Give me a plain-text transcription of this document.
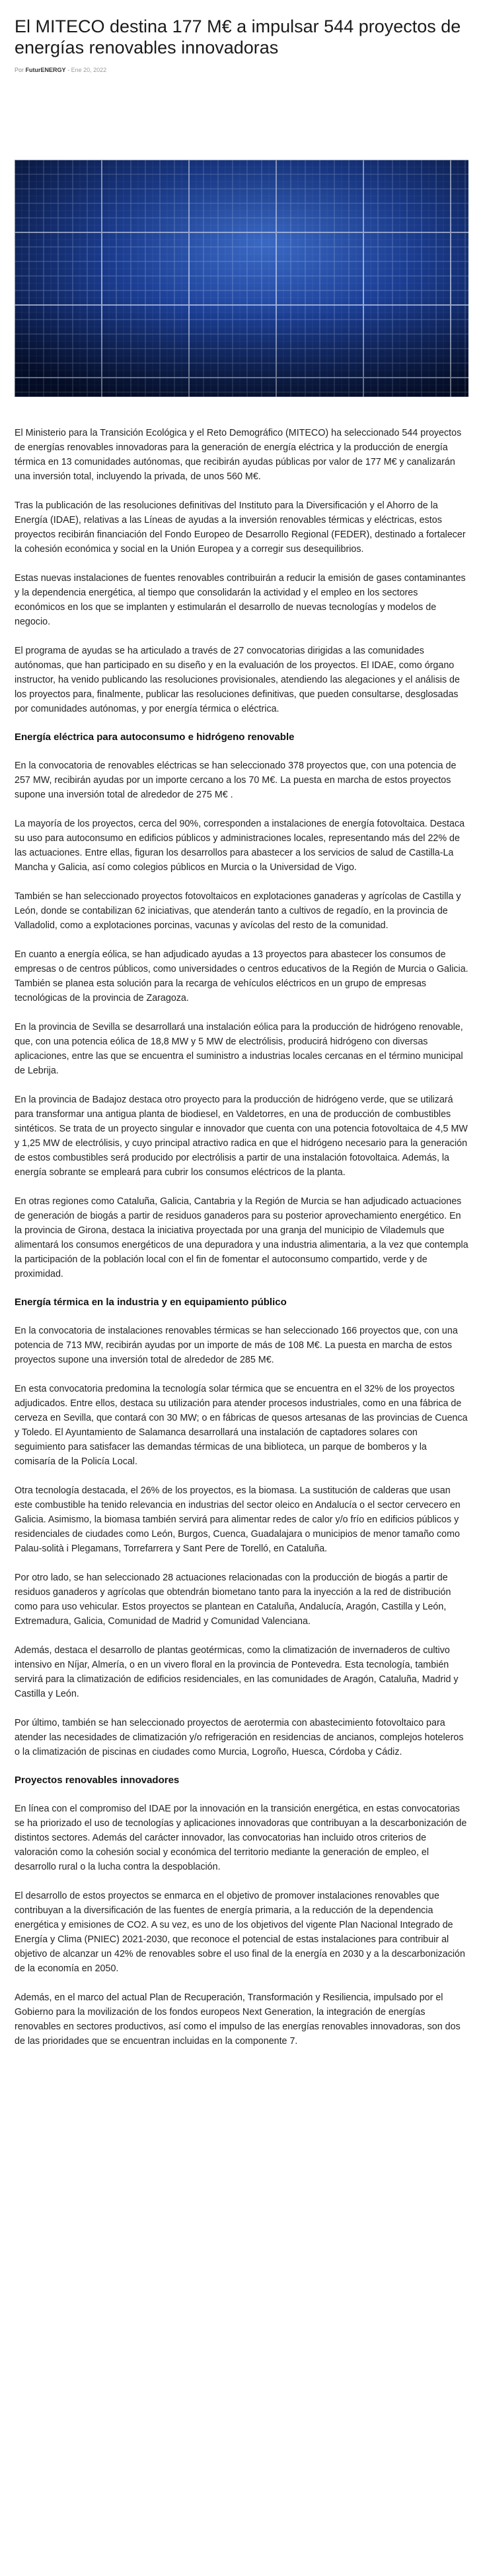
El MITECO destina 177 M€ a impulsar 544 proyectos de energías renovables innovadoras
Por FuturENERGY - Ene 20, 2022

El Ministerio para la Transición Ecológica y el Reto Demográfico (MITECO) ha seleccionado 544 proyectos de energías renovables innovadoras para la generación de energía eléctrica y la producción de energía térmica en 13 comunidades autónomas, que recibirán ayudas públicas por valor de 177 M€ y canalizarán una inversión total, incluyendo la privada, de unos 560 M€.

Tras la publicación de las resoluciones definitivas del Instituto para la Diversificación y el Ahorro de la Energía (IDAE), relativas a las Líneas de ayudas a la inversión renovables térmicas y eléctricas, estos proyectos recibirán financiación del Fondo Europeo de Desarrollo Regional (FEDER), destinado a fortalecer la cohesión económica y social en la Unión Europea y a corregir sus desequilibrios.

Estas nuevas instalaciones de fuentes renovables contribuirán a reducir la emisión de gases contaminantes y la dependencia energética, al tiempo que consolidarán la actividad y el empleo en los sectores económicos en los que se implanten y estimularán el desarrollo de nuevas tecnologías y modelos de negocio.

El programa de ayudas se ha articulado a través de 27 convocatorias dirigidas a las comunidades autónomas, que han participado en su diseño y en la evaluación de los proyectos. El IDAE, como órgano instructor, ha venido publicando las resoluciones provisionales, atendiendo las alegaciones y el análisis de los proyectos para, finalmente, publicar las resoluciones definitivas, que pueden consultarse, desglosadas por comunidades autónomas, y por energía térmica o eléctrica.

Energía eléctrica para autoconsumo e hidrógeno renovable

En la convocatoria de renovables eléctricas se han seleccionado 378 proyectos que, con una potencia de 257 MW, recibirán ayudas por un importe cercano a los 70 M€. La puesta en marcha de estos proyectos supone una inversión total de alrededor de 275 M€ .

La mayoría de los proyectos, cerca del 90%, corresponden a instalaciones de energía fotovoltaica. Destaca su uso para autoconsumo en edificios públicos y administraciones locales, representando más del 22% de las actuaciones. Entre ellas, figuran los desarrollos para abastecer a los servicios de salud de Castilla-La Mancha y Galicia, así como colegios públicos en Murcia o la Universidad de Vigo.

También se han seleccionado proyectos fotovoltaicos en explotaciones ganaderas y agrícolas de Castilla y León, donde se contabilizan 62 iniciativas, que atenderán tanto a cultivos de regadío, en la provincia de Valladolid, como a explotaciones porcinas, vacunas y avícolas del resto de la comunidad.

En cuanto a energía eólica, se han adjudicado ayudas a 13 proyectos para abastecer los consumos de empresas o de centros públicos, como universidades o centros educativos de la Región de Murcia o Galicia. También se planea esta solución para la recarga de vehículos eléctricos en un grupo de empresas tecnológicas de la provincia de Zaragoza.

En la provincia de Sevilla se desarrollará una instalación eólica para la producción de hidrógeno renovable, que, con una potencia eólica de 18,8 MW y 5 MW de electrólisis, producirá hidrógeno con diversas aplicaciones, entre las que se encuentra el suministro a industrias locales cercanas en el término municipal de Lebrija.

En la provincia de Badajoz destaca otro proyecto para la producción de hidrógeno verde, que se utilizará para transformar una antigua planta de biodiesel, en Valdetorres, en una de producción de combustibles sintéticos. Se trata de un proyecto singular e innovador que cuenta con una potencia fotovoltaica de 4,5 MW y 1,25 MW de electrólisis, y cuyo principal atractivo radica en que el hidrógeno necesario para la generación de estos combustibles será producido por electrólisis a partir de una instalación fotovoltaica. Además, la energía sobrante se empleará para cubrir los consumos eléctricos de la planta.

En otras regiones como Cataluña, Galicia, Cantabria y la Región de Murcia se han adjudicado actuaciones de generación de biogás a partir de residuos ganaderos para su posterior aprovechamiento energético. En la provincia de Girona, destaca la iniciativa proyectada por una granja del municipio de Vilademuls que alimentará los consumos energéticos de una depuradora y una industria alimentaria, a la vez que contempla la participación de la población local con el fin de fomentar el autoconsumo compartido, verde y de proximidad.

Energía térmica en la industria y en equipamiento público

En la convocatoria de instalaciones renovables térmicas se han seleccionado 166 proyectos que, con una potencia de 713 MW, recibirán ayudas por un importe de más de 108 M€. La puesta en marcha de estos proyectos supone una inversión total de alrededor de 285 M€.

En esta convocatoria predomina la tecnología solar térmica que se encuentra en el 32% de los proyectos adjudicados. Entre ellos, destaca su utilización para atender procesos industriales, como en una fábrica de cerveza en Sevilla, que contará con 30 MW; o en fábricas de quesos artesanas de las provincias de Cuenca y Toledo. El Ayuntamiento de Salamanca desarrollará una instalación de captadores solares con seguimiento para satisfacer las demandas térmicas de una biblioteca, un parque de bomberos y la comisaría de la Policía Local.

Otra tecnología destacada, el 26% de los proyectos, es la biomasa. La sustitución de calderas que usan este combustible ha tenido relevancia en industrias del sector oleico en Andalucía o el sector cervecero en Galicia. Asimismo, la biomasa también servirá para alimentar redes de calor y/o frío en edificios públicos y residenciales de ciudades como León, Burgos, Cuenca, Guadalajara o municipios de menor tamaño como Palau-solità i Plegamans, Torrefarrera y Sant Pere de Torelló, en Cataluña.

Por otro lado, se han seleccionado 28 actuaciones relacionadas con la producción de biogás a partir de residuos ganaderos y agrícolas que obtendrán biometano tanto para la inyección a la red de distribución como para uso vehicular. Estos proyectos se plantean en Cataluña, Andalucía, Aragón, Castilla y León, Extremadura, Galicia, Comunidad de Madrid y Comunidad Valenciana.

Además, destaca el desarrollo de plantas geotérmicas, como la climatización de invernaderos de cultivo intensivo en Níjar, Almería, o en un vivero floral en la provincia de Pontevedra. Esta tecnología, también servirá para la climatización de edificios residenciales, en las comunidades de Aragón, Cataluña, Madrid y Castilla y León.

Por último, también se han seleccionado proyectos de aerotermia con abastecimiento fotovoltaico para atender las necesidades de climatización y/o refrigeración en residencias de ancianos, complejos hoteleros o la climatización de piscinas en ciudades como Murcia, Logroño, Huesca, Córdoba y Cádiz.

Proyectos renovables innovadores

En línea con el compromiso del IDAE por la innovación en la transición energética, en estas convocatorias se ha priorizado el uso de tecnologías y aplicaciones innovadoras que contribuyan a la descarbonización de distintos sectores. Además del carácter innovador, las convocatorias han incluido otros criterios de valoración como la cohesión social y económica del territorio mediante la generación de empleo, el desarrollo rural o la lucha contra la despoblación.

El desarrollo de estos proyectos se enmarca en el objetivo de promover instalaciones renovables que contribuyan a la diversificación de las fuentes de energía primaria, a la reducción de la dependencia energética y emisiones de CO2. A su vez, es uno de los objetivos del vigente Plan Nacional Integrado de Energía y Clima (PNIEC) 2021-2030, que reconoce el potencial de estas instalaciones para contribuir al objetivo de alcanzar un 42% de renovables sobre el uso final de la energía en 2030 y a la descarbonización de la economía en 2050.

Además, en el marco del actual Plan de Recuperación, Transformación y Resiliencia, impulsado por el Gobierno para la movilización de los fondos europeos Next Generation, la integración de energías renovables en sectores productivos, así como el impulso de las energías renovables innovadoras, son dos de las prioridades que se encuentran incluidas en la componente 7.
